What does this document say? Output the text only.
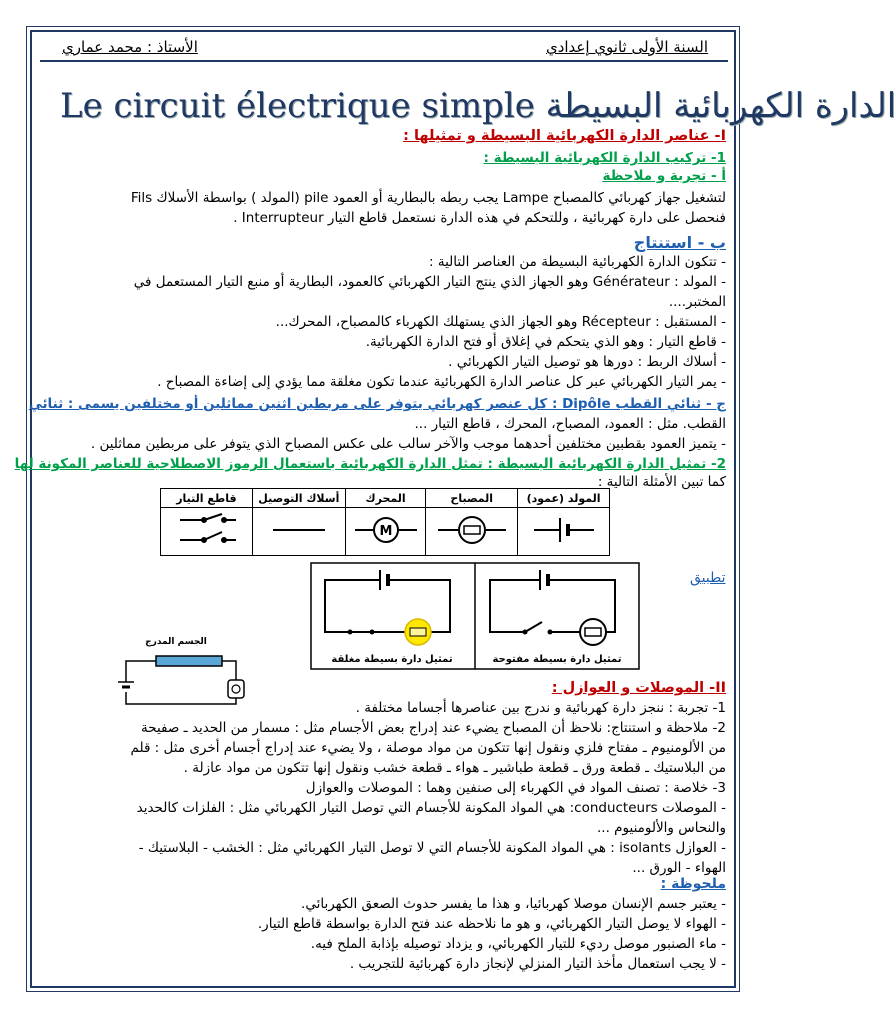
السنة الأولى ثانوي إعدادي
الأستاذ : محمد عماري
Le circuit électrique simple الدارة الكهربائية البسيطة
I- عناصر الدارة الكهربائية البسيطة و تمثيلها :
1- تركيب الدارة الكهربائية البسيطة :
أ - تجربة و ملاحظة
لتشغيل جهاز كهربائي كالمصباح Lampe يجب ربطه بالبطارية أو العمود pile (المولد ) بواسطة الأسلاك Fils
فنحصل على دارة كهربائية ، وللتحكم في هذه الدارة نستعمل قاطع التيار Interrupteur .
ب - استنتاج
- تتكون الدارة الكهربائية البسيطة من العناصر التالية :
- المولد : Générateur وهو الجهاز الذي ينتج التيار الكهربائي كالعمود، البطارية أو منبع التيار المستعمل في
المختبر....
- المستقبل : Récepteur وهو الجهاز الذي يستهلك الكهرباء كالمصباح، المحرك...
- قاطع التيار : وهو الذي يتحكم في إغلاق أو فتح الدارة الكهربائية.
- أسلاك الربط : دورها هو توصيل التيار الكهربائي .
- يمر التيار الكهربائي عبر كل عناصر الدارة الكهربائية عندما تكون مغلقة مما يؤدي إلى إضاءة المصباح .
ج - ثنائي القطب Dipôle : كل عنصر كهربائي يتوفر على مربطين اثنين مماثلين أو مختلفين يسمى : ثنائي
القطب. مثل : العمود، المصباح، المحرك ، قاطع التيار ...
- يتميز العمود بقطبين مختلفين أحدهما موجب والآخر سالب على عكس المصباح الذي يتوفر على مربطين مماثلين .
2- تمثيل الدارة الكهربائية البسيطة : تمثل الدارة الكهربائية باستعمال الرموز الاصطلاحية للعناصر المكونة لها
كما تبين الأمثلة التالية :
قاطع التيار	أسلاك التوصيل	المحرك	المصباح	المولد (عمود)

M

تمثيل دارة بسيطة مغلقة	تمثيل دارة بسيطة مفتوحة
تطبيق
الجسم المدرج
II- الموصلات و العوازل :
1- تجربة : ننجز دارة كهربائية و ندرج بين عناصرها أجساما مختلفة .
2- ملاحظة و استنتاج: نلاحظ أن المصباح يضيء عند إدراج بعض الأجسام مثل : مسمار من الحديد ـ صفيحة
من الألومنيوم ـ مفتاح فلزي ونقول إنها تتكون من مواد موصلة ، ولا يضيء عند إدراج أجسام أخرى مثل : قلم
من البلاستيك ـ قطعة ورق ـ قطعة طباشير ـ هواء ـ قطعة خشب ونقول إنها تتكون من مواد عازلة .
3- خلاصة : تصنف المواد في الكهرباء إلى صنفين وهما : الموصلات والعوازل
- الموصلات conducteurs: هي المواد المكونة للأجسام التي توصل التيار الكهربائي مثل : الفلزات كالحديد
والنحاس والألومنيوم ...
- العوازل isolants : هي المواد المكونة للأجسام التي لا توصل التيار الكهربائي مثل : الخشب - البلاستيك -
الهواء - الورق ...
ملحوظة :
- يعتبر جسم الإنسان موصلا كهربائيا، و هذا ما يفسر حدوث الصعق الكهربائي.
- الهواء لا يوصل التيار الكهربائي، و هو ما نلاحظه عند فتح الدارة بواسطة قاطع التيار.
- ماء الصنبور موصل رديء للتيار الكهربائي، و يزداد توصيله بإذابة الملح فيه.
- لا يجب استعمال مأخذ التيار المنزلي لإنجاز دارة كهربائية للتجريب .
